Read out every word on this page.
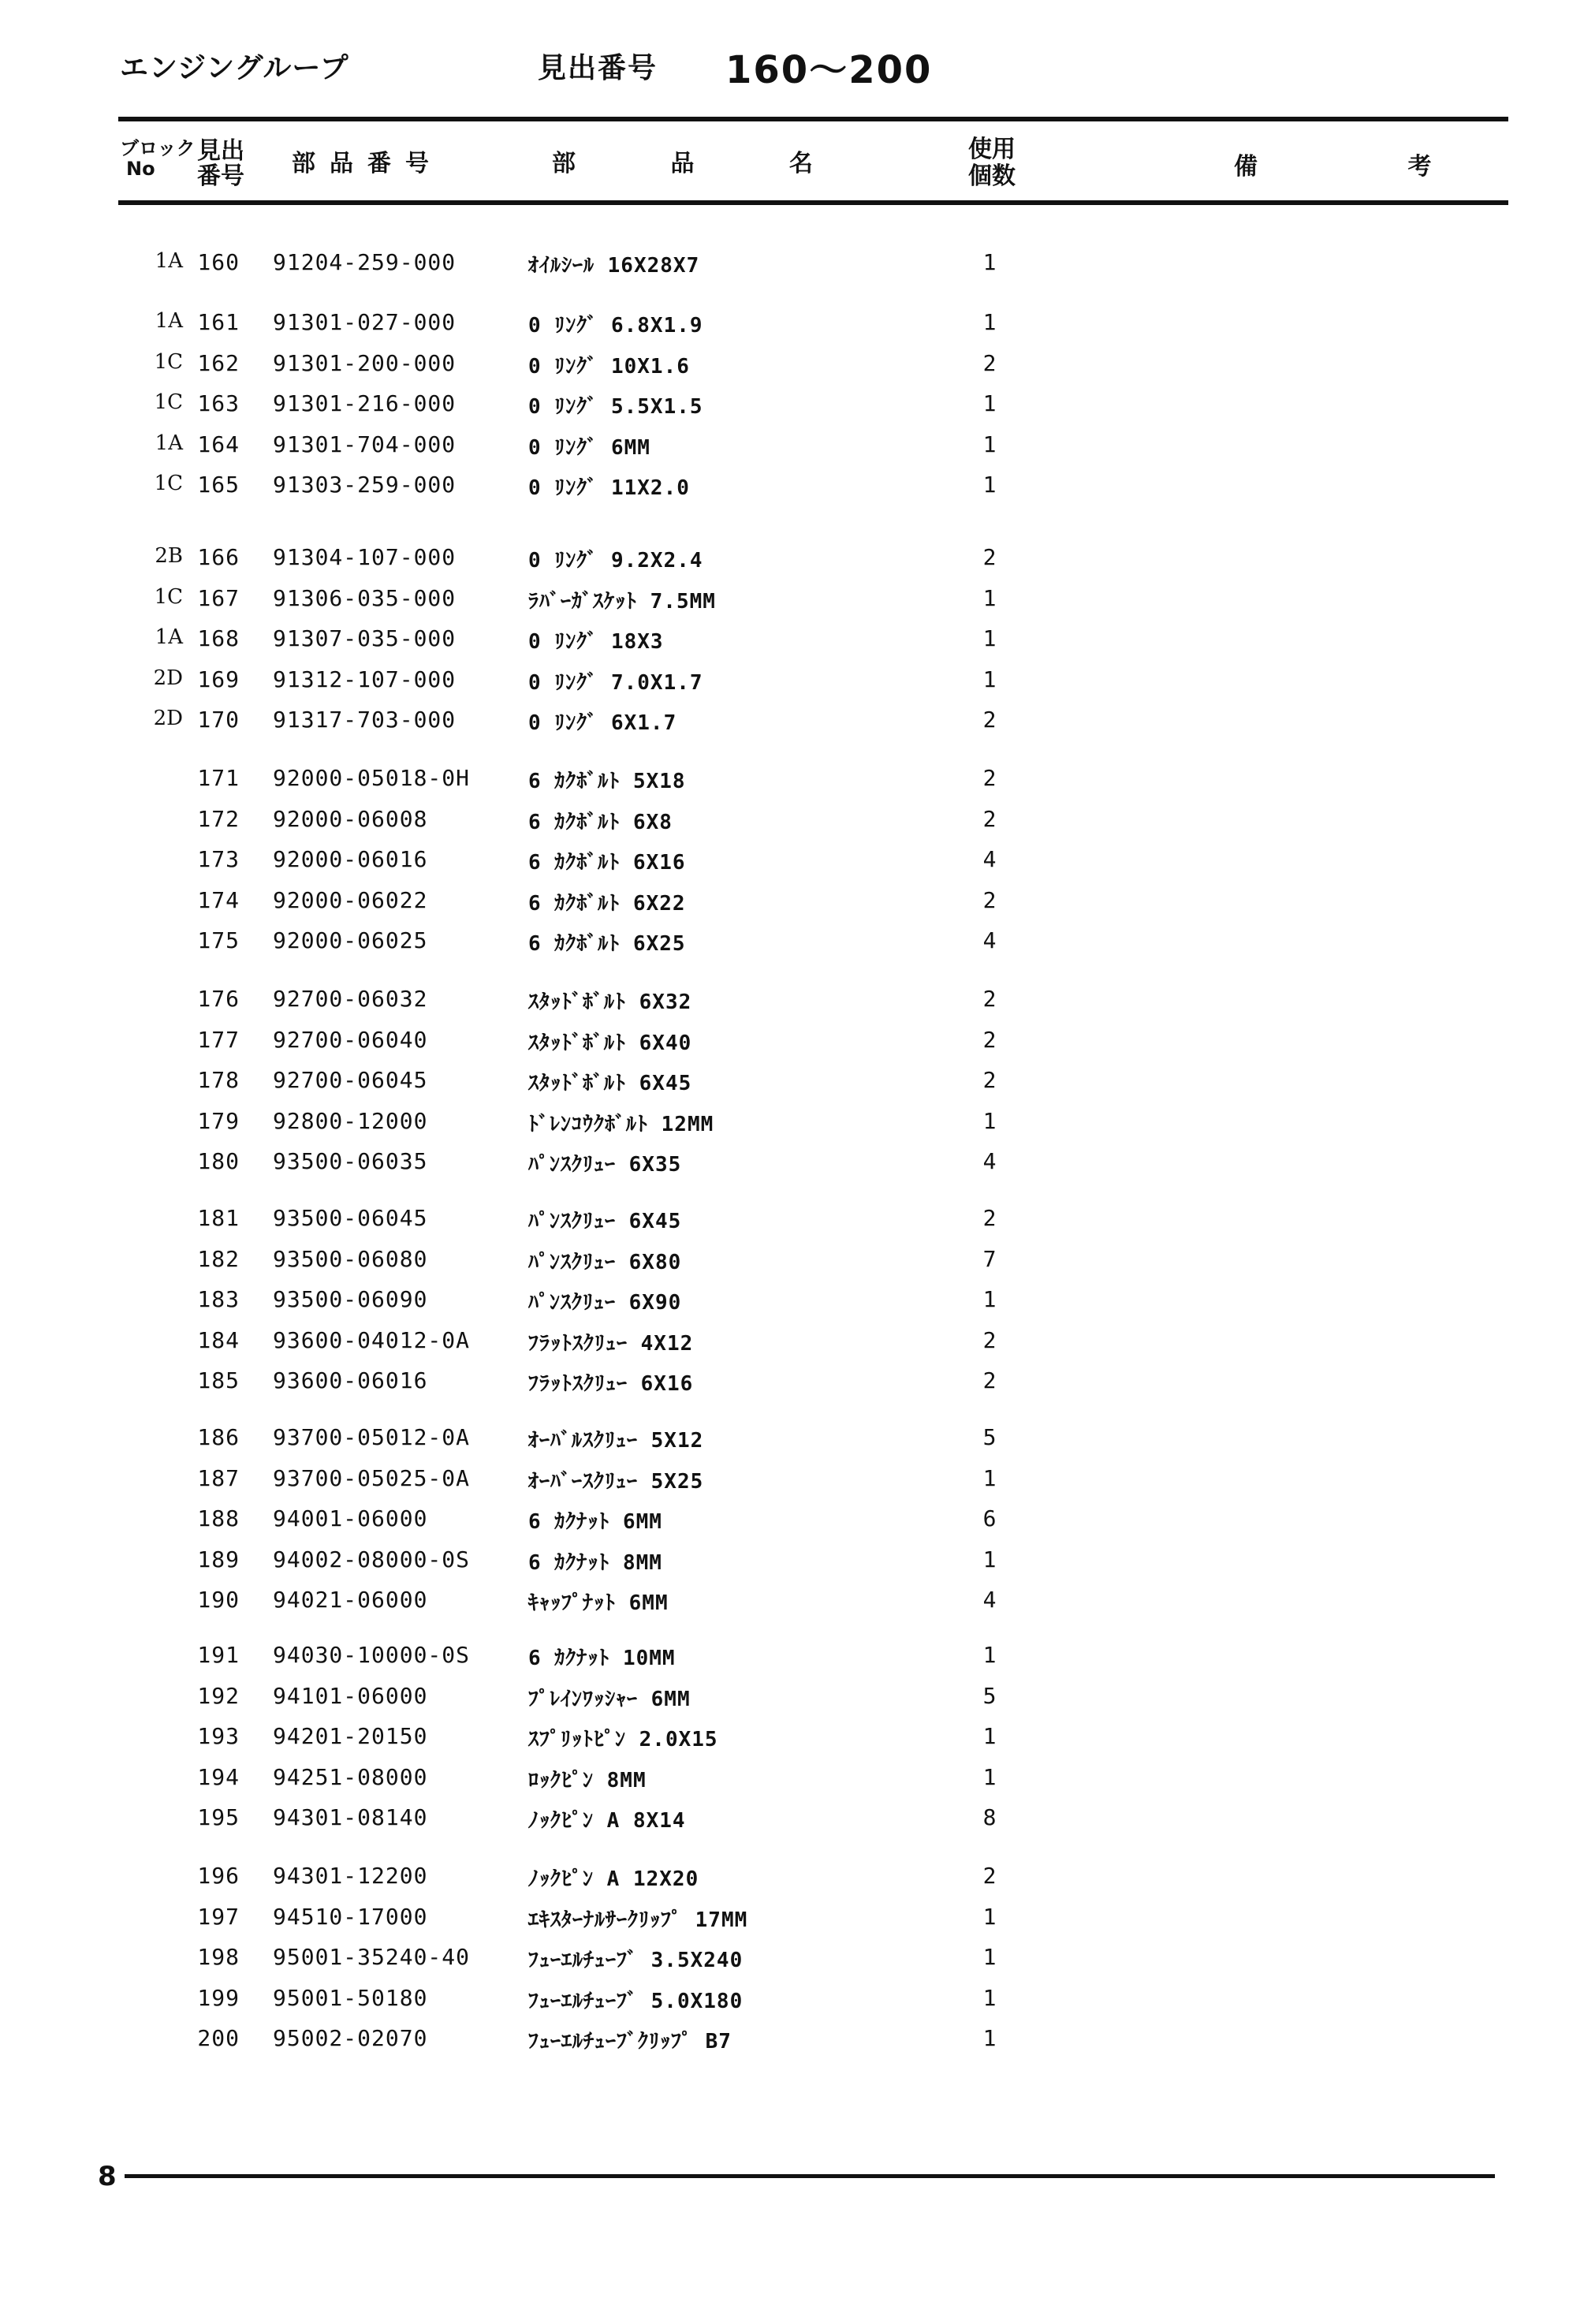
エンジングループ	見出番号 160～200
ブロック
No
見出
番号 部品番号	部 品 名
使用
個数	備 考
1A 160 91204-259-000	ｵｲﾙｼｰﾙ 16X28X7	1
1A 161 91301-027-000	0 ﾘﾝｸﾞ 6.8X1.9	1
1C 162 91301-200-000	0 ﾘﾝｸﾞ 10X1.6	2
1C 163 91301-216-000	0 ﾘﾝｸﾞ 5.5X1.5	1
1A 164 91301-704-000	0 ﾘﾝｸﾞ 6MM	1
1C 165 91303-259-000	0 ﾘﾝｸﾞ 11X2.0	1
2B 166 91304-107-000	0 ﾘﾝｸﾞ 9.2X2.4	2
1C 167 91306-035-000	ﾗﾊﾞｰｶﾞｽｹｯﾄ 7.5MM	1
1A 168 91307-035-000	0 ﾘﾝｸﾞ 18X3	1
2D 169 91312-107-000	0 ﾘﾝｸﾞ 7.0X1.7	1
2D 170 91317-703-000	0 ﾘﾝｸﾞ 6X1.7	2
171 92000-05018-0H	6 ｶｸﾎﾞﾙﾄ 5X18	2
172 92000-06008	6 ｶｸﾎﾞﾙﾄ 6X8	2
173 92000-06016	6 ｶｸﾎﾞﾙﾄ 6X16	4
174 92000-06022	6 ｶｸﾎﾞﾙﾄ 6X22	2
175 92000-06025	6 ｶｸﾎﾞﾙﾄ 6X25	4
176 92700-06032	ｽﾀｯﾄﾞﾎﾞﾙﾄ 6X32	2
177 92700-06040	ｽﾀｯﾄﾞﾎﾞﾙﾄ 6X40	2
178 92700-06045	ｽﾀｯﾄﾞﾎﾞﾙﾄ 6X45	2
179 92800-12000	ﾄﾞﾚﾝｺｳｸﾎﾞﾙﾄ 12MM	1
180 93500-06035	ﾊﾟﾝｽｸﾘｭｰ 6X35	4
181 93500-06045	ﾊﾟﾝｽｸﾘｭｰ 6X45	2
182 93500-06080	ﾊﾟﾝｽｸﾘｭｰ 6X80	7
183 93500-06090	ﾊﾟﾝｽｸﾘｭｰ 6X90	1
184 93600-04012-0A	ﾌﾗｯﾄｽｸﾘｭｰ 4X12	2
185 93600-06016	ﾌﾗｯﾄｽｸﾘｭｰ 6X16	2
186 93700-05012-0A	ｵｰﾊﾞﾙｽｸﾘｭｰ 5X12	5
187 93700-05025-0A	ｵｰﾊﾞｰｽｸﾘｭｰ 5X25	1
188 94001-06000	6 ｶｸﾅｯﾄ 6MM	6
189 94002-08000-0S	6 ｶｸﾅｯﾄ 8MM	1
190 94021-06000	ｷｬｯﾌﾟﾅｯﾄ 6MM	4
191 94030-10000-0S	6 ｶｸﾅｯﾄ 10MM	1
192 94101-06000	ﾌﾟﾚｲﾝﾜｯｼｬｰ 6MM	5
193 94201-20150	ｽﾌﾟﾘｯﾄﾋﾟﾝ 2.0X15	1
194 94251-08000	ﾛｯｸﾋﾟﾝ 8MM	1
195 94301-08140	ﾉｯｸﾋﾟﾝ A 8X14	8
196 94301-12200	ﾉｯｸﾋﾟﾝ A 12X20	2
197 94510-17000	ｴｷｽﾀｰﾅﾙｻｰｸﾘｯﾌﾟ 17MM	1
198 95001-35240-40	ﾌｭｰｴﾙﾁｭｰﾌﾞ 3.5X240	1
199 95001-50180	ﾌｭｰｴﾙﾁｭｰﾌﾞ 5.0X180	1
200 95002-02070	ﾌｭｰｴﾙﾁｭｰﾌﾞｸﾘｯﾌﾟ B7	1
8
